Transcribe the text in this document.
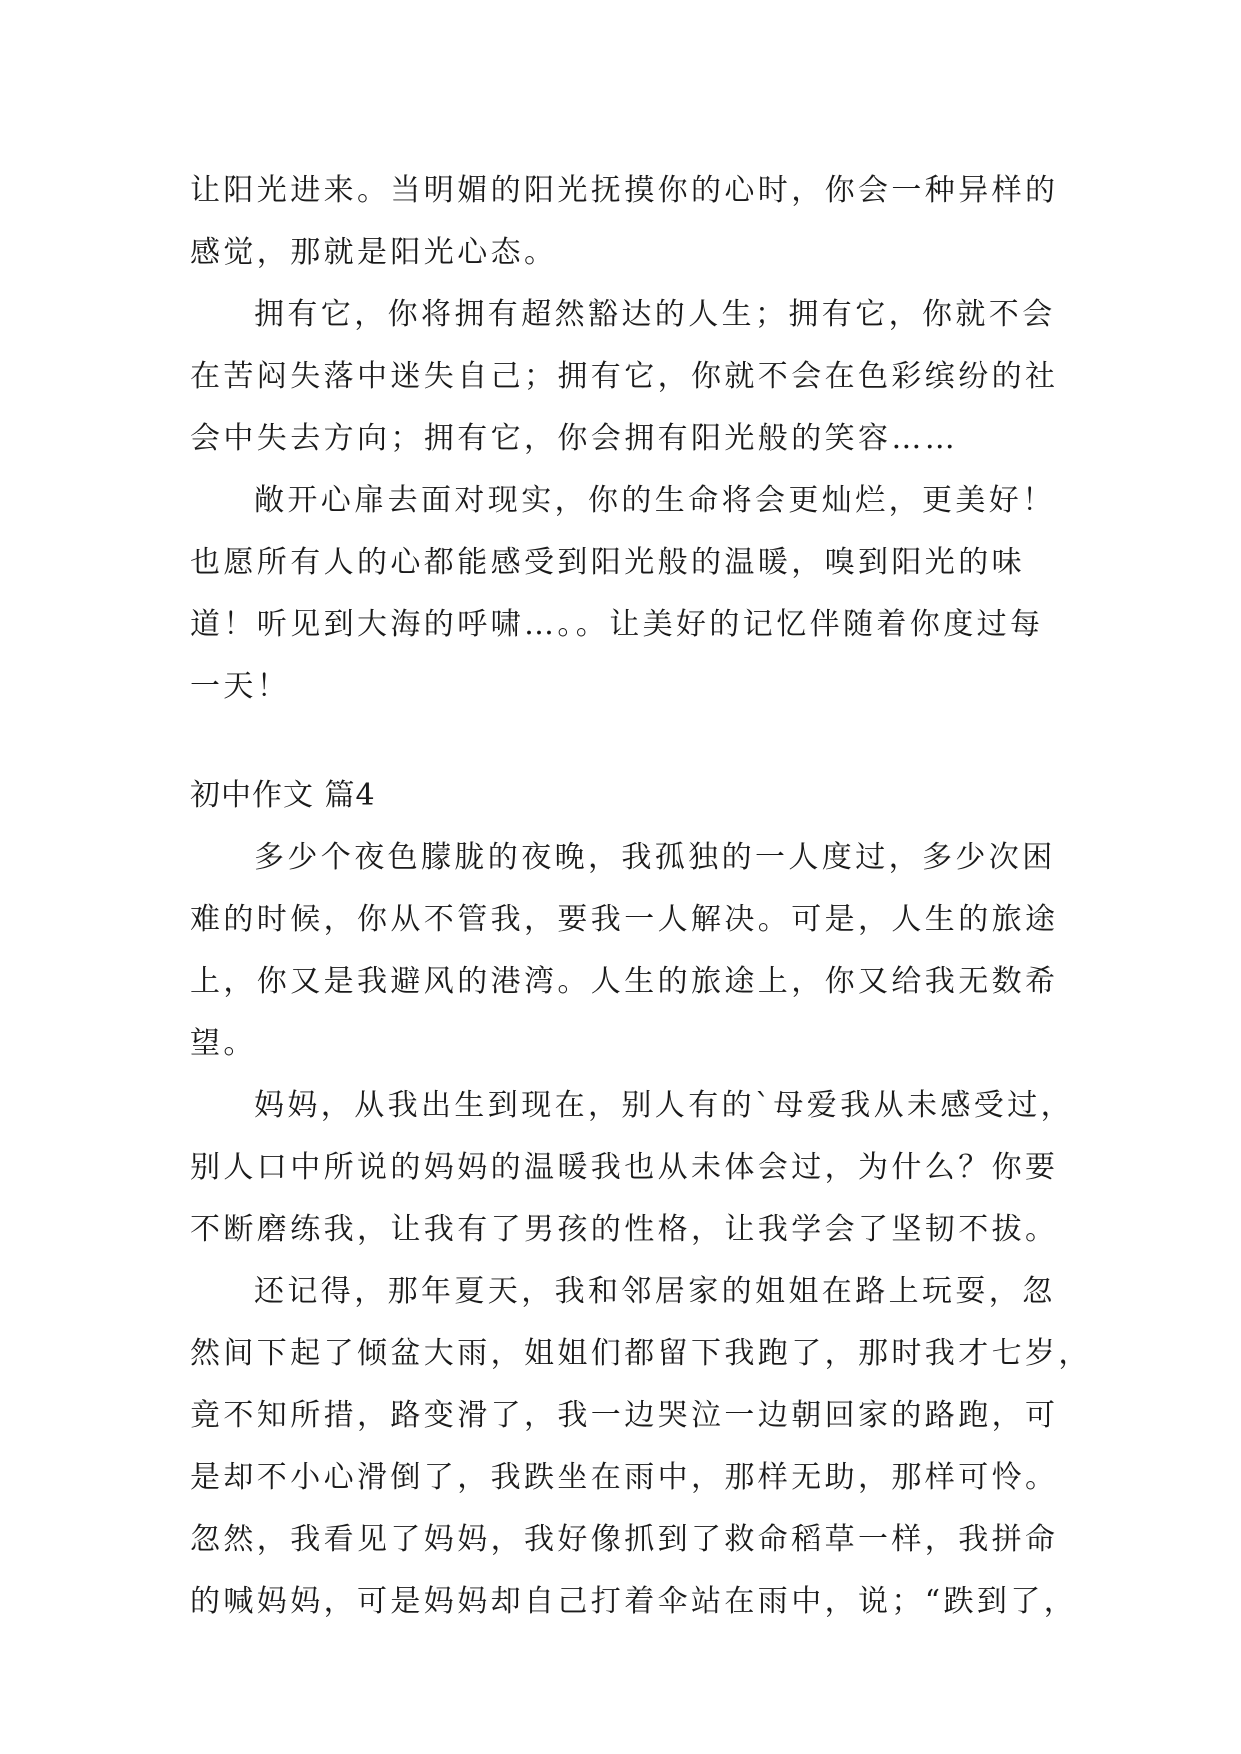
让阳光进来。当明媚的阳光抚摸你的心时，你会一种异样的
感觉，那就是阳光心态。
拥有它，你将拥有超然豁达的人生；拥有它，你就不会
在苦闷失落中迷失自己；拥有它，你就不会在色彩缤纷的社
会中失去方向；拥有它，你会拥有阳光般的笑容……
敞开心扉去面对现实，你的生命将会更灿烂，更美好！
也愿所有人的心都能感受到阳光般的温暖，嗅到阳光的味
道！听见到大海的呼啸…。。让美好的记忆伴随着你度过每
一天！
初中作文 篇4
多少个夜色朦胧的夜晚，我孤独的一人度过，多少次困
难的时候，你从不管我，要我一人解决。可是，人生的旅途
上，你又是我避风的港湾。人生的旅途上，你又给我无数希
望。
妈妈，从我出生到现在，别人有的`母爱我从未感受过，
别人口中所说的妈妈的温暖我也从未体会过，为什么？你要
不断磨练我，让我有了男孩的性格，让我学会了坚韧不拔。
还记得，那年夏天，我和邻居家的姐姐在路上玩耍，忽
然间下起了倾盆大雨，姐姐们都留下我跑了，那时我才七岁，
竟不知所措，路变滑了，我一边哭泣一边朝回家的路跑，可
是却不小心滑倒了，我跌坐在雨中，那样无助，那样可怜。
忽然，我看见了妈妈，我好像抓到了救命稻草一样，我拼命
的喊妈妈，可是妈妈却自己打着伞站在雨中，说；“跌到了，
